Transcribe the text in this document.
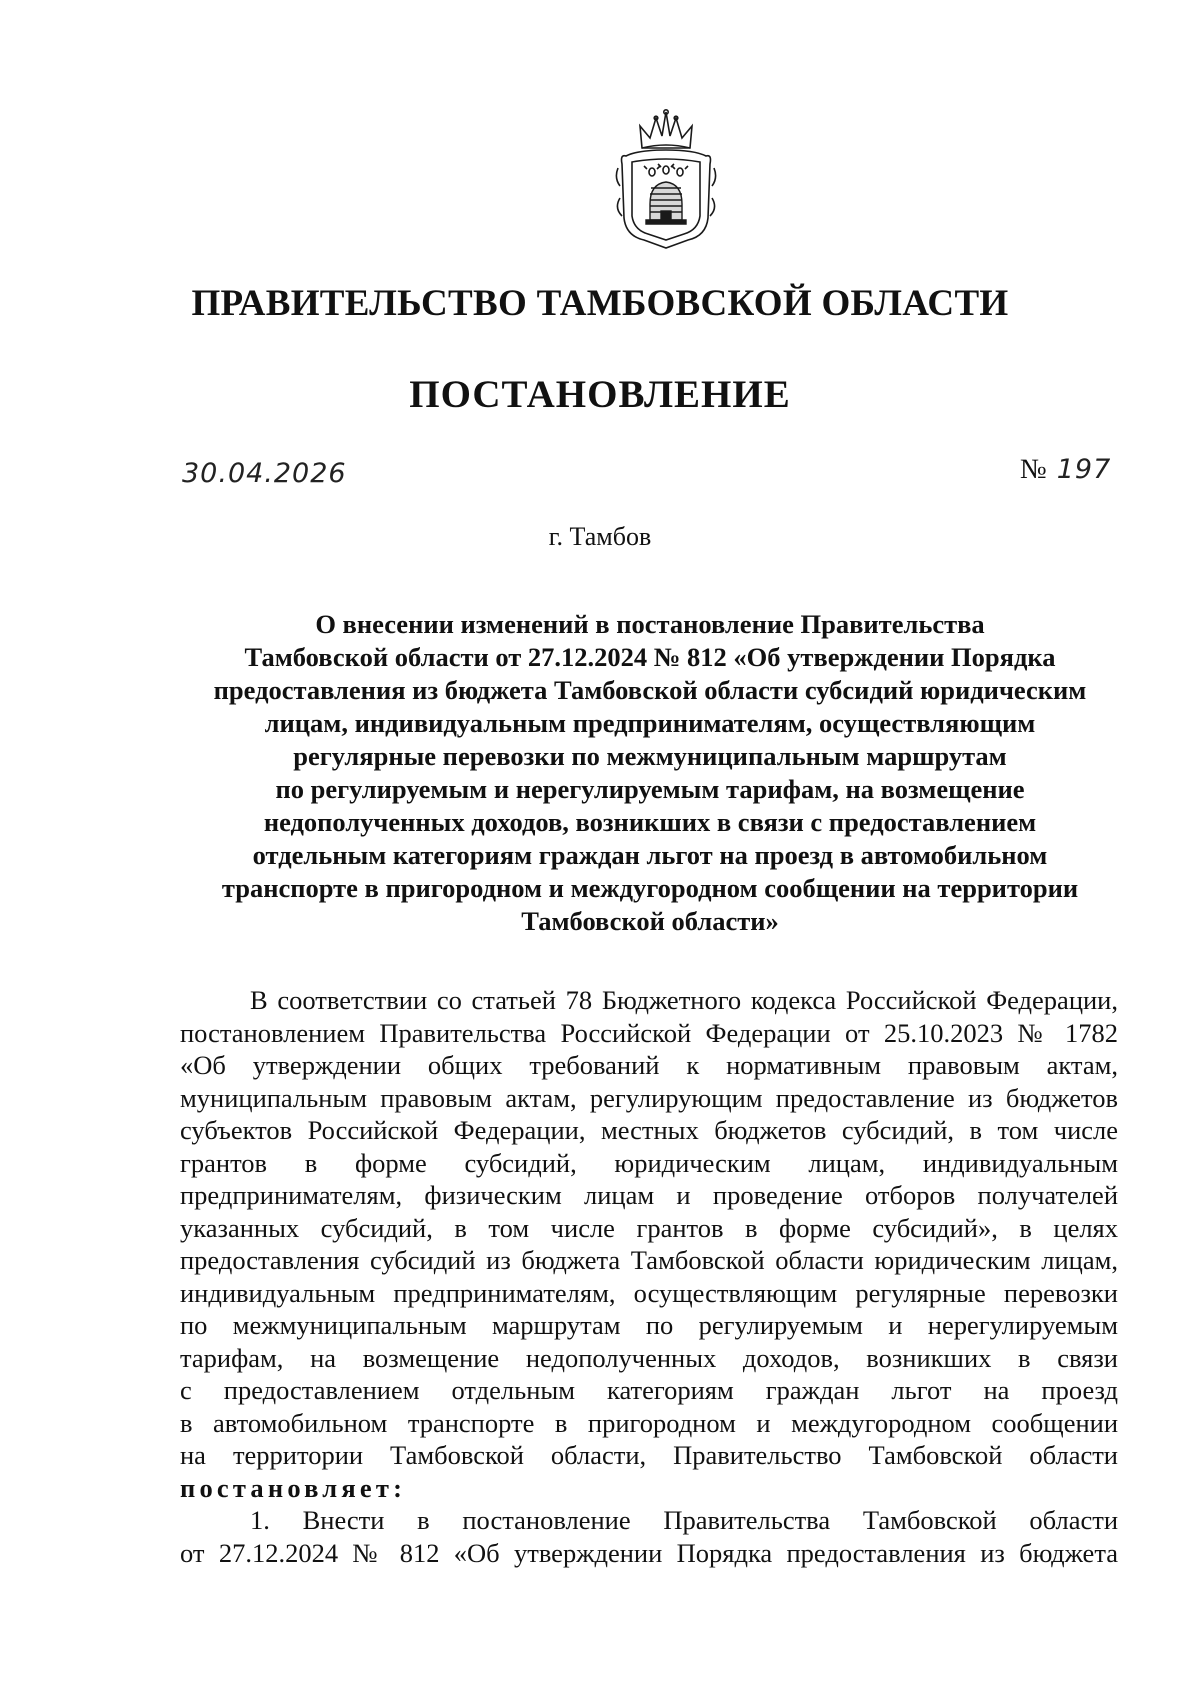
ПРАВИТЕЛЬСТВО ТАМБОВСКОЙ ОБЛАСТИ
ПОСТАНОВЛЕНИЕ
30.04.2026	№ 197

г. Тамбов

О внесении изменений в постановление Правительства
Тамбовской области от 27.12.2024 № 812 «Об утверждении Порядка
предоставления из бюджета Тамбовской области субсидий юридическим
лицам, индивидуальным предпринимателям, осуществляющим
регулярные перевозки по межмуниципальным маршрутам
по регулируемым и нерегулируемым тарифам, на возмещение
недополученных доходов, возникших в связи с предоставлением
отдельным категориям граждан льгот на проезд в автомобильном
транспорте в пригородном и междугородном сообщении на территории
Тамбовской области»

В соответствии со статьей 78 Бюджетного кодекса Российской Федерации,
постановлением Правительства Российской Федерации от 25.10.2023 № 1782
«Об утверждении общих требований к нормативным правовым актам,
муниципальным правовым актам, регулирующим предоставление из бюджетов
субъектов Российской Федерации, местных бюджетов субсидий, в том числе
грантов в форме субсидий, юридическим лицам, индивидуальным
предпринимателям, физическим лицам и проведение отборов получателей
указанных субсидий, в том числе грантов в форме субсидий», в целях
предоставления субсидий из бюджета Тамбовской области юридическим лицам,
индивидуальным предпринимателям, осуществляющим регулярные перевозки
по межмуниципальным маршрутам по регулируемым и нерегулируемым
тарифам, на возмещение недополученных доходов, возникших в связи
с предоставлением отдельным категориям граждан льгот на проезд
в автомобильном транспорте в пригородном и междугородном сообщении
на территории Тамбовской области, Правительство Тамбовской области
постановляет:
1. Внести в постановление Правительства Тамбовской области
от 27.12.2024 № 812 «Об утверждении Порядка предоставления из бюджета
